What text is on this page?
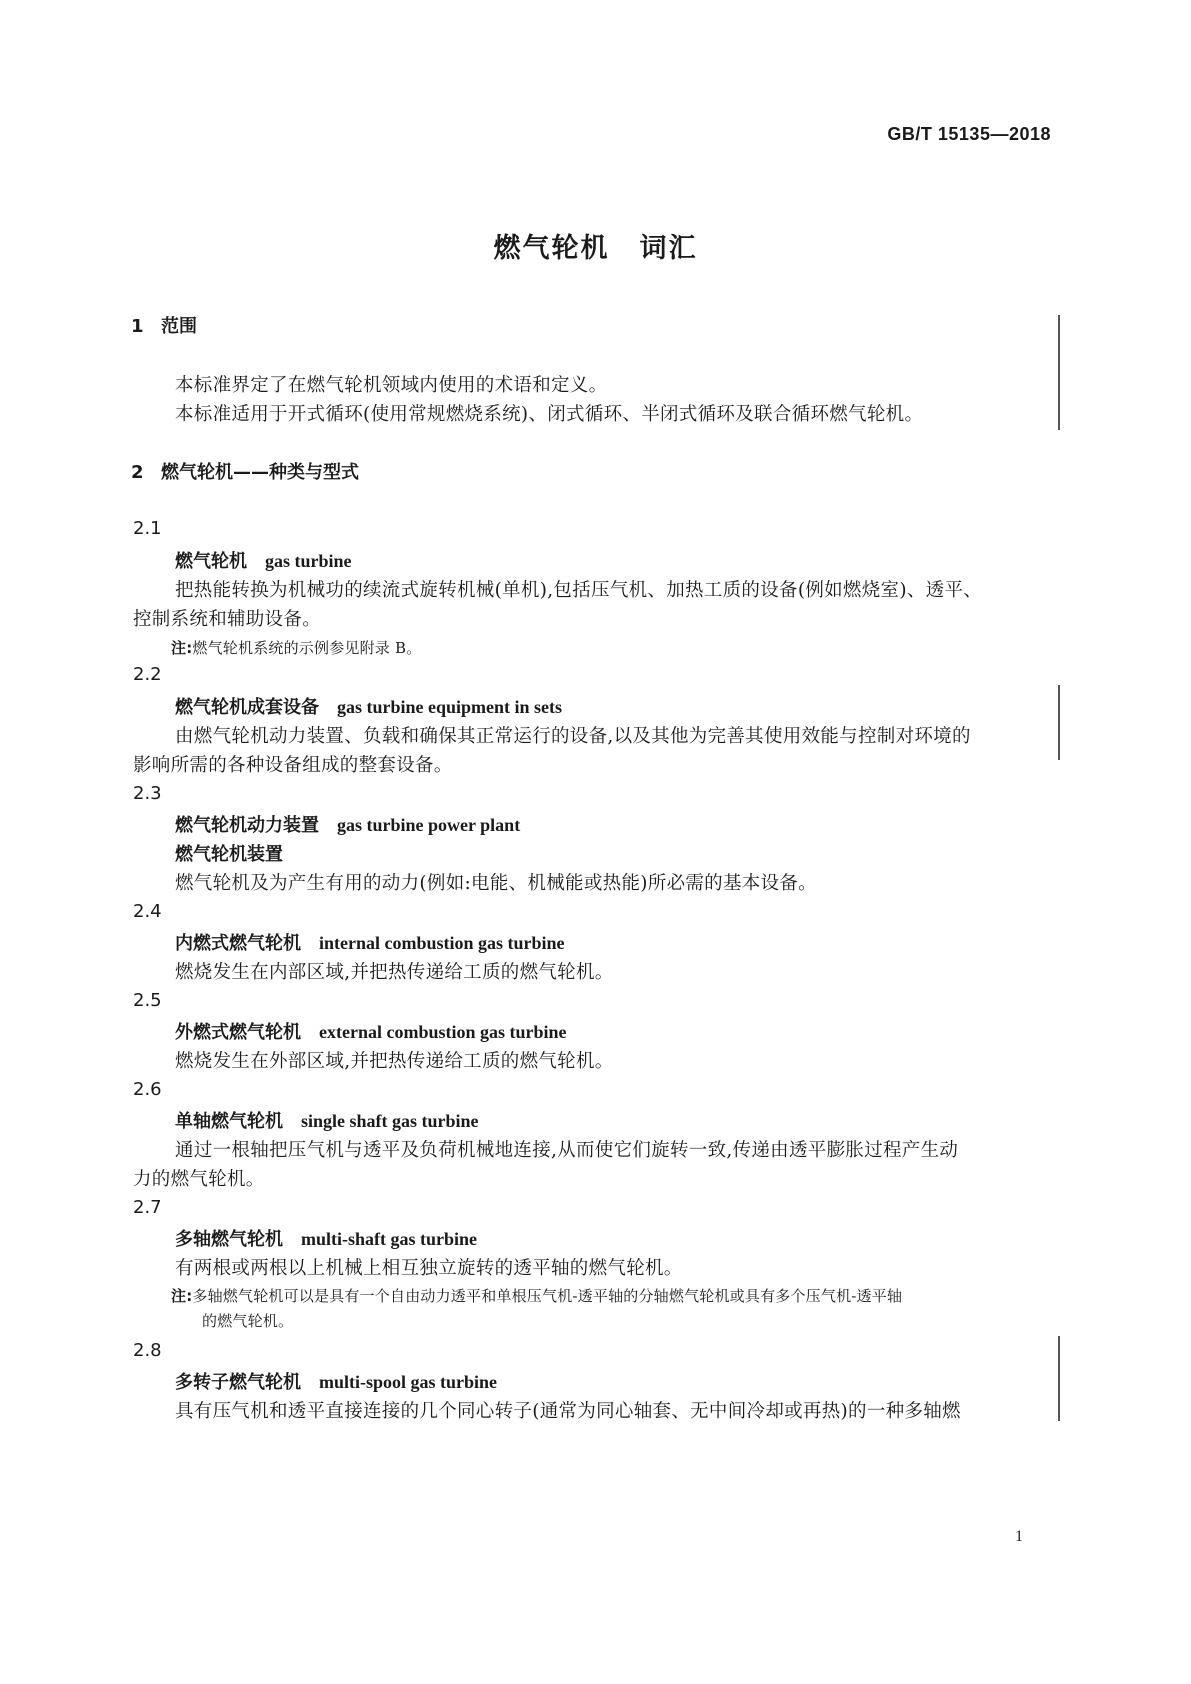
GB/T 15135—2018
燃气轮机 词汇
1 范围
本标准界定了在燃气轮机领域内使用的术语和定义。
本标准适用于开式循环(使用常规燃烧系统)、闭式循环、半闭式循环及联合循环燃气轮机。
2 燃气轮机——种类与型式
2.1
燃气轮机 gas turbine
把热能转换为机械功的续流式旋转机械(单机),包括压气机、加热工质的设备(例如燃烧室)、透平、
控制系统和辅助设备。
注:燃气轮机系统的示例参见附录 B。
2.2
燃气轮机成套设备 gas turbine equipment in sets
由燃气轮机动力装置、负载和确保其正常运行的设备,以及其他为完善其使用效能与控制对环境的
影响所需的各种设备组成的整套设备。
2.3
燃气轮机动力装置 gas turbine power plant
燃气轮机装置
燃气轮机及为产生有用的动力(例如:电能、机械能或热能)所必需的基本设备。
2.4
内燃式燃气轮机 internal combustion gas turbine
燃烧发生在内部区域,并把热传递给工质的燃气轮机。
2.5
外燃式燃气轮机 external combustion gas turbine
燃烧发生在外部区域,并把热传递给工质的燃气轮机。
2.6
单轴燃气轮机 single shaft gas turbine
通过一根轴把压气机与透平及负荷机械地连接,从而使它们旋转一致,传递由透平膨胀过程产生动
力的燃气轮机。
2.7
多轴燃气轮机 multi-shaft gas turbine
有两根或两根以上机械上相互独立旋转的透平轴的燃气轮机。
注:多轴燃气轮机可以是具有一个自由动力透平和单根压气机-透平轴的分轴燃气轮机或具有多个压气机-透平轴
的燃气轮机。
2.8
多转子燃气轮机 multi-spool gas turbine
具有压气机和透平直接连接的几个同心转子(通常为同心轴套、无中间冷却或再热)的一种多轴燃
1
